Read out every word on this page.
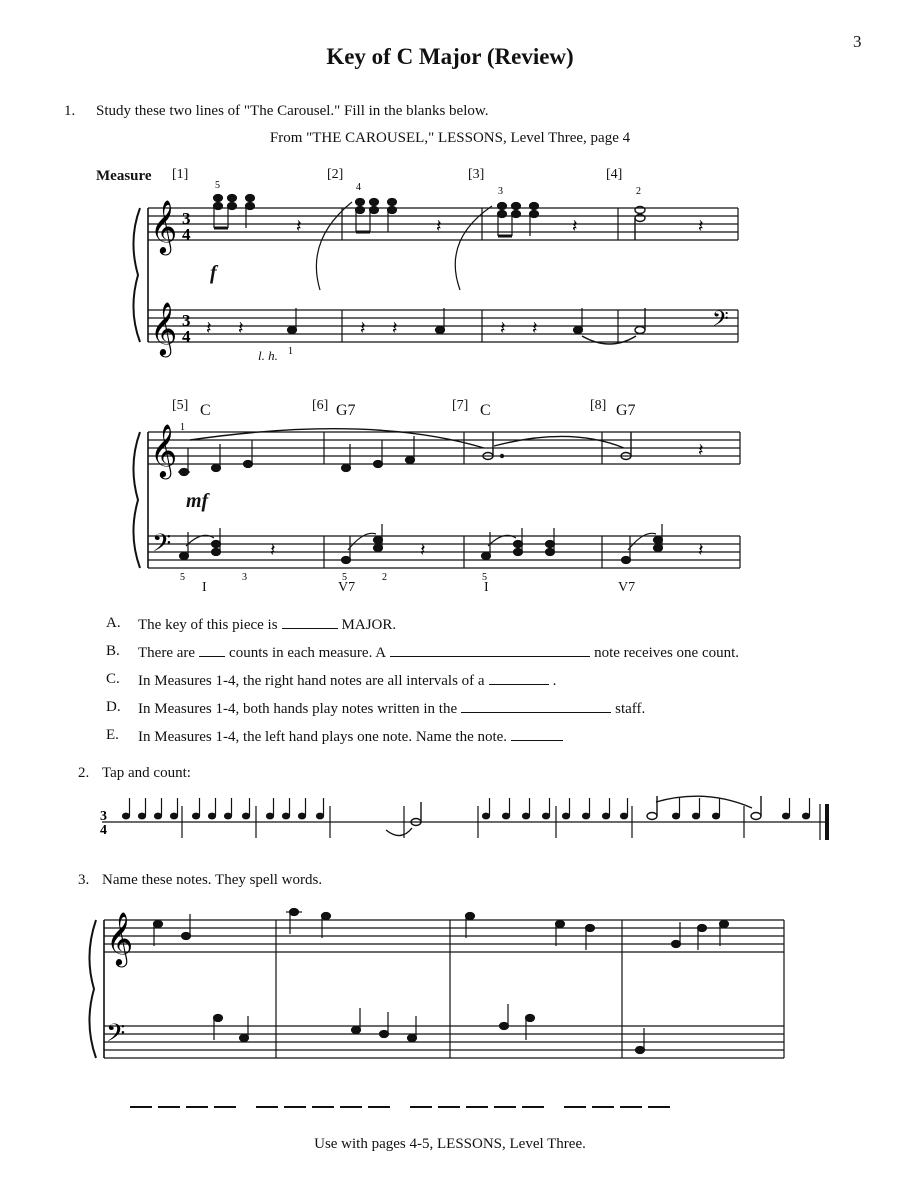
3
Key of C Major (Review)
1. Study these two lines of "The Carousel." Fill in the blanks below.
From "THE CAROUSEL," LESSONS, Level Three, page 4
Measure [1]	[2]	[3]	[4]
𝄞
𝄞
3
4
3
4
𝄽	𝄽	𝄽	𝄽
𝄽 𝄽	𝄽 𝄽	𝄽 𝄽	𝄢
5	4	3	2
1
f
l. h.
[5] C	[6] G7	[7] C	[8] G7
𝄞
𝄢
𝄽
𝄽	𝄽	𝄽
1
5	3	5	2	5
mf
I	V7	I	V7
A. The key of this piece is	MAJOR.
B. There are counts in each measure. A	note receives one count.
C. In Measures 1-4, the right hand notes are all intervals of a	.
D. In Measures 1-4, both hands play notes written in the	staff.
E. In Measures 1-4, the left hand plays one note. Name the note.
2. Tap and count:
3
4
3. Name these notes. They spell words.
𝄞
𝄢
Use with pages 4-5, LESSONS, Level Three.
